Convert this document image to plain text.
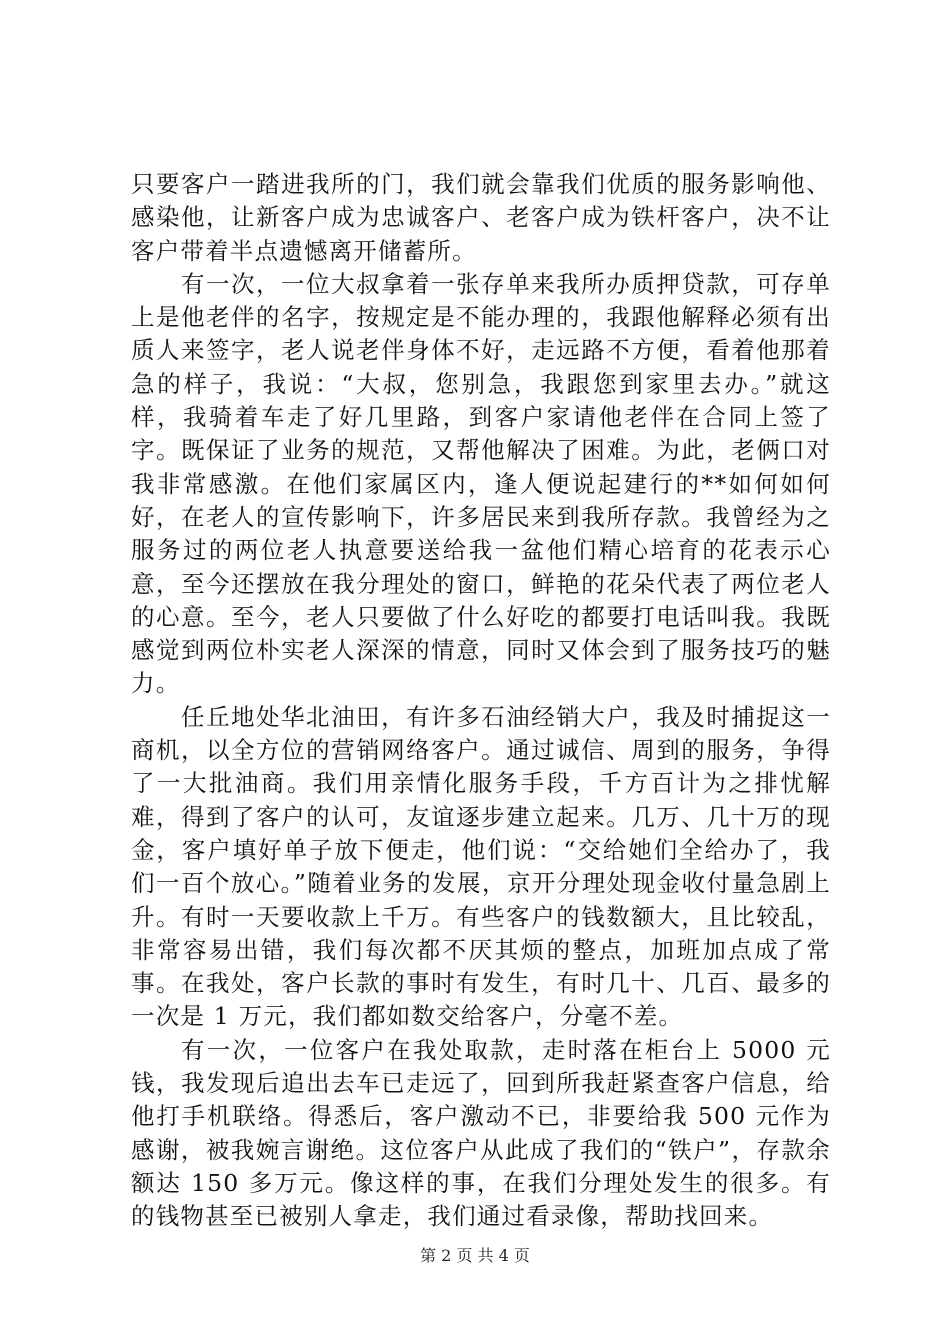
只要客户一踏进我所的门，我们就会靠我们优质的服务影响他、感染他，让新客户成为忠诚客户、老客户成为铁杆客户，决不让客户带着半点遗憾离开储蓄所。

有一次，一位大叔拿着一张存单来我所办质押贷款，可存单上是他老伴的名字，按规定是不能办理的，我跟他解释必须有出质人来签字，老人说老伴身体不好，走远路不方便，看着他那着急的样子，我说：“大叔，您别急，我跟您到家里去办。”就这样，我骑着车走了好几里路，到客户家请他老伴在合同上签了字。既保证了业务的规范，又帮他解决了困难。为此，老俩口对我非常感激。在他们家属区内，逢人便说起建行的**如何如何好，在老人的宣传影响下，许多居民来到我所存款。我曾经为之服务过的两位老人执意要送给我一盆他们精心培育的花表示心意，至今还摆放在我分理处的窗口，鲜艳的花朵代表了两位老人的心意。至今，老人只要做了什么好吃的都要打电话叫我。我既感觉到两位朴实老人深深的情意，同时又体会到了服务技巧的魅力。

任丘地处华北油田，有许多石油经销大户，我及时捕捉这一商机，以全方位的营销网络客户。通过诚信、周到的服务，争得了一大批油商。我们用亲情化服务手段，千方百计为之排忧解难，得到了客户的认可，友谊逐步建立起来。几万、几十万的现金，客户填好单子放下便走，他们说：“交给她们全给办了，我们一百个放心。”随着业务的发展，京开分理处现金收付量急剧上升。有时一天要收款上千万。有些客户的钱数额大，且比较乱，非常容易出错，我们每次都不厌其烦的整点，加班加点成了常事。在我处，客户长款的事时有发生，有时几十、几百、最多的一次是 1 万元，我们都如数交给客户，分毫不差。

有一次，一位客户在我处取款，走时落在柜台上 5000 元钱，我发现后追出去车已走远了，回到所我赶紧查客户信息，给他打手机联络。得悉后，客户激动不已，非要给我 500 元作为感谢，被我婉言谢绝。这位客户从此成了我们的“铁户”，存款余额达 150 多万元。像这样的事，在我们分理处发生的很多。有的钱物甚至已被别人拿走，我们通过看录像，帮助找回来。

第 2 页 共 4 页
